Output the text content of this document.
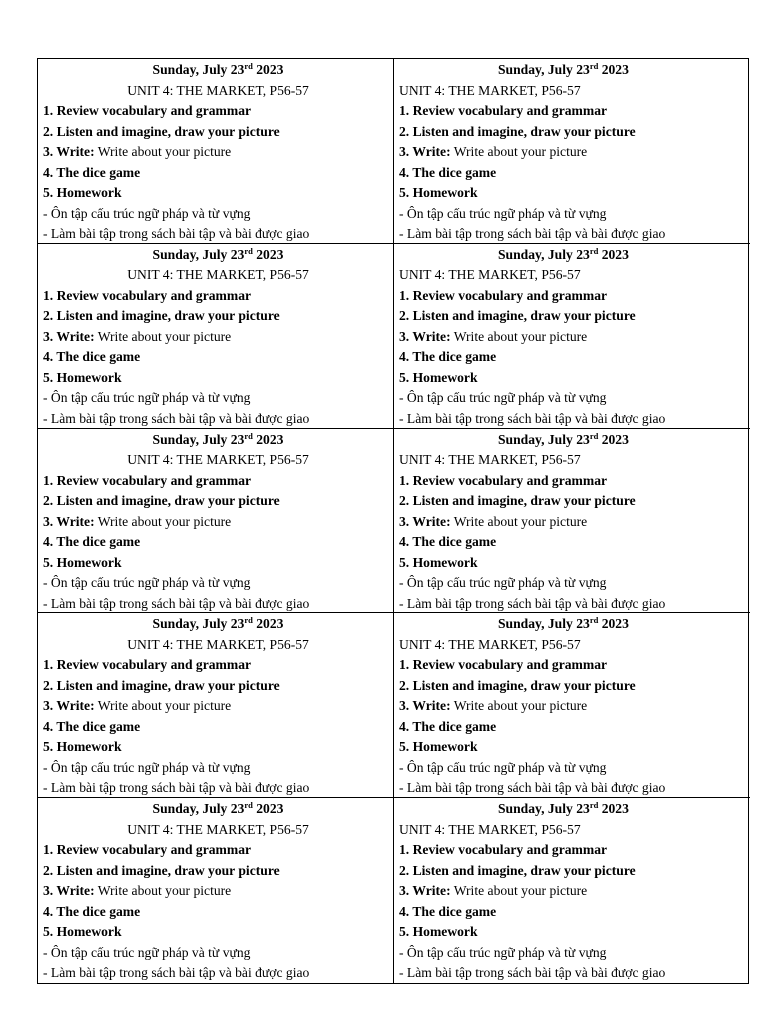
Sunday, July 23rd 2023
UNIT 4: THE MARKET, P56-57
1. Review vocabulary and grammar
2. Listen and imagine, draw your picture
3. Write: Write about your picture
4. The dice game
5. Homework
- Ôn tập cấu trúc ngữ pháp và từ vựng
- Làm bài tập trong sách bài tập và bài được giao
Sunday, July 23rd 2023
UNIT 4: THE MARKET, P56-57
1. Review vocabulary and grammar
2. Listen and imagine, draw your picture
3. Write: Write about your picture
4. The dice game
5. Homework
- Ôn tập cấu trúc ngữ pháp và từ vựng
- Làm bài tập trong sách bài tập và bài được giao
Sunday, July 23rd 2023
UNIT 4: THE MARKET, P56-57
1. Review vocabulary and grammar
2. Listen and imagine, draw your picture
3. Write: Write about your picture
4. The dice game
5. Homework
- Ôn tập cấu trúc ngữ pháp và từ vựng
- Làm bài tập trong sách bài tập và bài được giao
Sunday, July 23rd 2023
UNIT 4: THE MARKET, P56-57
1. Review vocabulary and grammar
2. Listen and imagine, draw your picture
3. Write: Write about your picture
4. The dice game
5. Homework
- Ôn tập cấu trúc ngữ pháp và từ vựng
- Làm bài tập trong sách bài tập và bài được giao
Sunday, July 23rd 2023
UNIT 4: THE MARKET, P56-57
1. Review vocabulary and grammar
2. Listen and imagine, draw your picture
3. Write: Write about your picture
4. The dice game
5. Homework
- Ôn tập cấu trúc ngữ pháp và từ vựng
- Làm bài tập trong sách bài tập và bài được giao
Sunday, July 23rd 2023
UNIT 4: THE MARKET, P56-57
1. Review vocabulary and grammar
2. Listen and imagine, draw your picture
3. Write: Write about your picture
4. The dice game
5. Homework
- Ôn tập cấu trúc ngữ pháp và từ vựng
- Làm bài tập trong sách bài tập và bài được giao
Sunday, July 23rd 2023
UNIT 4: THE MARKET, P56-57
1. Review vocabulary and grammar
2. Listen and imagine, draw your picture
3. Write: Write about your picture
4. The dice game
5. Homework
- Ôn tập cấu trúc ngữ pháp và từ vựng
- Làm bài tập trong sách bài tập và bài được giao
Sunday, July 23rd 2023
UNIT 4: THE MARKET, P56-57
1. Review vocabulary and grammar
2. Listen and imagine, draw your picture
3. Write: Write about your picture
4. The dice game
5. Homework
- Ôn tập cấu trúc ngữ pháp và từ vựng
- Làm bài tập trong sách bài tập và bài được giao
Sunday, July 23rd 2023
UNIT 4: THE MARKET, P56-57
1. Review vocabulary and grammar
2. Listen and imagine, draw your picture
3. Write: Write about your picture
4. The dice game
5. Homework
- Ôn tập cấu trúc ngữ pháp và từ vựng
- Làm bài tập trong sách bài tập và bài được giao
Sunday, July 23rd 2023
UNIT 4: THE MARKET, P56-57
1. Review vocabulary and grammar
2. Listen and imagine, draw your picture
3. Write: Write about your picture
4. The dice game
5. Homework
- Ôn tập cấu trúc ngữ pháp và từ vựng
- Làm bài tập trong sách bài tập và bài được giao
